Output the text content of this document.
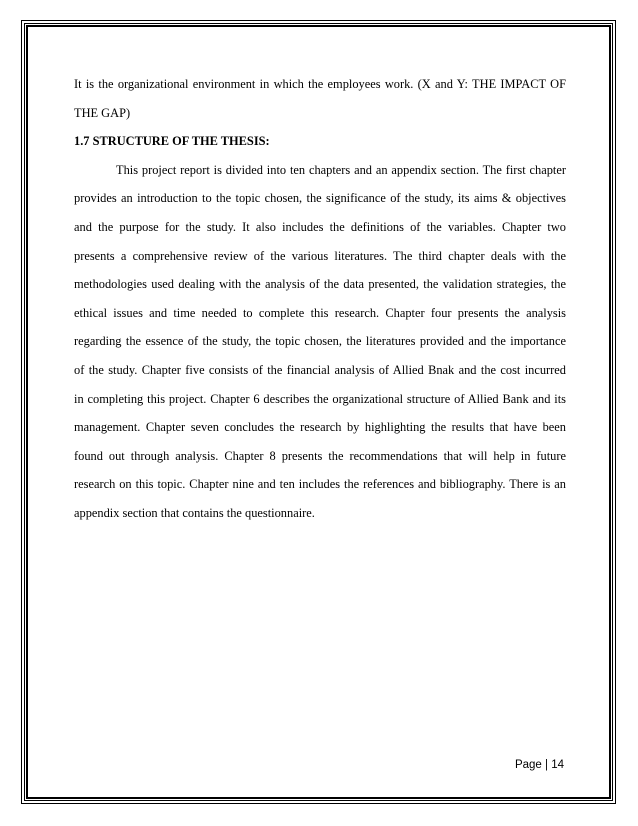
It is the organizational environment in which the employees work. (X and Y: THE IMPACT OF

THE GAP)

1.7 STRUCTURE OF THE THESIS:

This project report is divided into ten chapters and an appendix section. The first chapter

provides an introduction to the topic chosen, the significance of the study, its aims & objectives

and the purpose for the study. It also includes the definitions of the variables. Chapter two

presents a comprehensive review of the various literatures. The third chapter deals with the

methodologies used dealing with the analysis of the data presented, the validation strategies, the

ethical issues and time needed to complete this research. Chapter four presents the analysis

regarding the essence of the study, the topic chosen, the literatures provided and the importance

of the study. Chapter five consists of the financial analysis of Allied Bnak and the cost incurred

in completing this project. Chapter 6 describes the organizational structure of Allied Bank and its

management. Chapter seven concludes the research by highlighting the results that have been

found out through analysis. Chapter 8 presents the recommendations that will help in future

research on this topic. Chapter nine and ten includes the references and bibliography. There is an

appendix section that contains the questionnaire.

Page | 14
